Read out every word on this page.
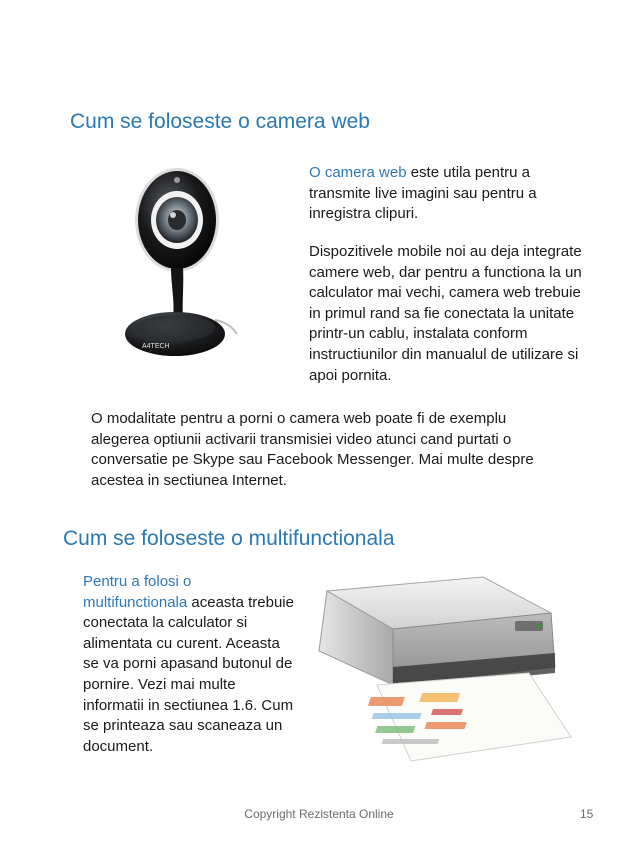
Cum se foloseste o camera web
A4TECH

O camera web este utila pentru a transmite live imagini sau pentru a inregistra clipuri.

Dispozitivele mobile noi au deja integrate camere web, dar pentru a functiona la un calculator mai vechi, camera web trebuie in primul rand sa fie conectata la unitate printr-un cablu, instalata conform instructiunilor din manualul de utilizare si apoi pornita.

O modalitate pentru a porni o camera web poate fi de exemplu alegerea optiunii activarii transmisiei video atunci cand purtati o conversatie pe Skype sau Facebook Messenger. Mai multe despre acestea in sectiunea Internet.

Cum se foloseste o multifunctionala

Pentru a folosi o multifunctionala aceasta trebuie conectata la calculator si alimentata cu curent. Aceasta se va porni apasand butonul de pornire. Vezi mai multe informatii in sectiunea 1.6. Cum se printeaza sau scaneaza un document.

Copyright Rezistenta Online	15
